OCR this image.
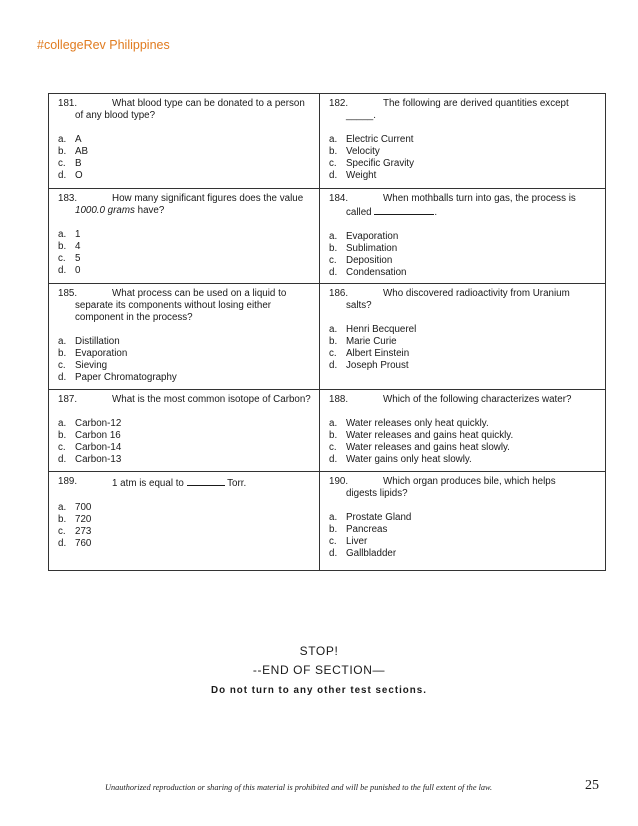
#collegeRev Philippines
181.	What blood type can be donated to a person
of any blood type?
a. A
b. AB
c. B
d. O
182.	The following are derived quantities except
_____.
a. Electric Current
b. Velocity
c. Specific Gravity
d. Weight
183.	How many significant figures does the value
1000.0 grams have?
a. 1
b. 4
c. 5
d. 0
184.	When mothballs turn into gas, the process is
called	.
a. Evaporation
b. Sublimation
c. Deposition
d. Condensation
185.	What process can be used on a liquid to
separate its components without losing either
component in the process?
a. Distillation
b. Evaporation
c. Sieving
d. Paper Chromatography
186.	Who discovered radioactivity from Uranium
salts?
a. Henri Becquerel
b. Marie Curie
c. Albert Einstein
d. Joseph Proust
187.	What is the most common isotope of Carbon?
a. Carbon-12
b. Carbon 16
c. Carbon-14
d. Carbon-13
188.	Which of the following characterizes water?
a. Water releases only heat quickly.
b. Water releases and gains heat quickly.
c. Water releases and gains heat slowly.
d. Water gains only heat slowly.
189.	1 atm is equal to	Torr.
a. 700
b. 720
c. 273
d. 760
190.	Which organ produces bile, which helps
digests lipids?
a. Prostate Gland
b. Pancreas
c. Liver
d. Gallbladder
STOP!
--END OF SECTION—
Do not turn to any other test sections.
Unauthorized reproduction or sharing of this material is prohibited and will be punished to the full extent of the law.	25
